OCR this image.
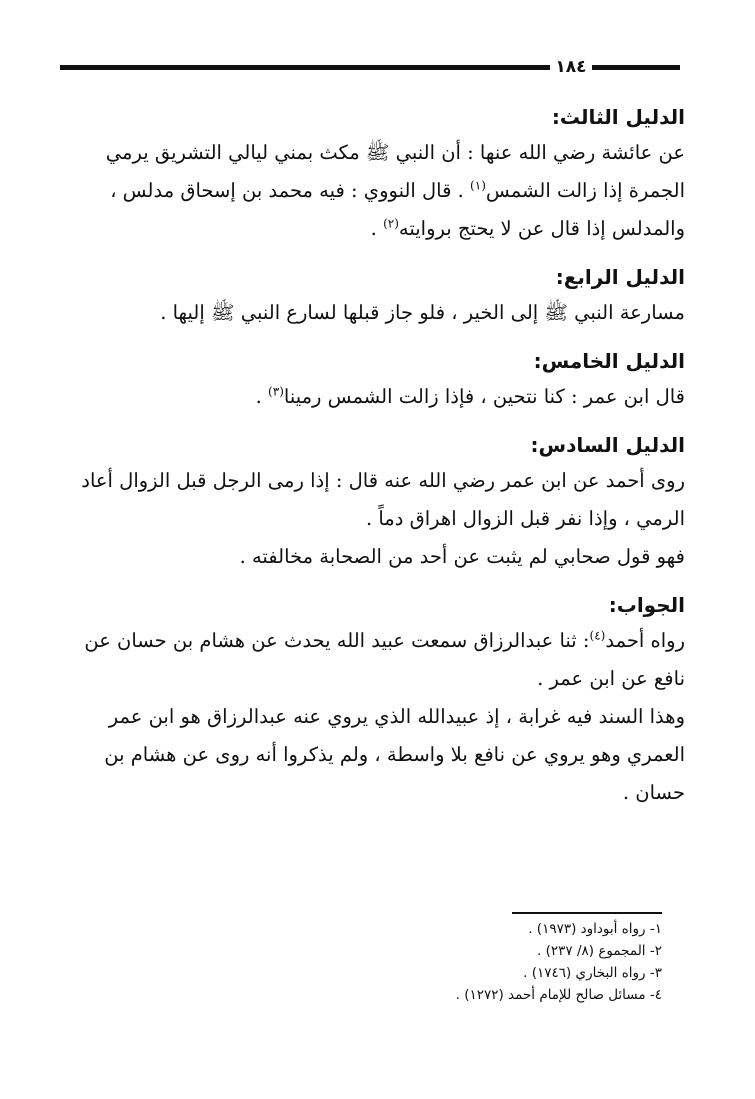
١٨٤

الدليل الثالث:

عن عائشة رضي الله عنها : أن النبي ﷺ مكث بمني ليالي التشريق يرمي الجمرة إذا زالت الشمس$^{(١)}$ . قال النووي : فيه محمد بن إسحاق مدلس ، والمدلس إذا قال عن لا يحتج بروايته$^{(٢)}$ .

الدليل الرابع:

مسارعة النبي ﷺ إلى الخير ، فلو جاز قبلها لسارع النبي ﷺ إليها .

الدليل الخامس:

قال ابن عمر : كنا نتحين ، فإذا زالت الشمس رمينا$^{(٣)}$ .

الدليل السادس:

روى أحمد عن ابن عمر رضي الله عنه قال : إذا رمى الرجل قبل الزوال أعاد الرمي ، وإذا نفر قبل الزوال اهراق دماً .

فهو قول صحابي لم يثبت عن أحد من الصحابة مخالفته .

الجواب:

رواه أحمد$^{(٤)}$: ثنا عبدالرزاق سمعت عبيد الله يحدث عن هشام بن حسان عن نافع عن ابن عمر .

وهذا السند فيه غرابة ، إذ عبيدالله الذي يروي عنه عبدالرزاق هو ابن عمر العمري وهو يروي عن نافع بلا واسطة ، ولم يذكروا أنه روى عن هشام بن حسان .

١- رواه أبوداود (١٩٧٣) .
٢- المجموع (٨/ ٢٣٧) .
٣- رواه البخاري (١٧٤٦) .
٤- مسائل صالح للإمام أحمد (١٢٧٢) .
